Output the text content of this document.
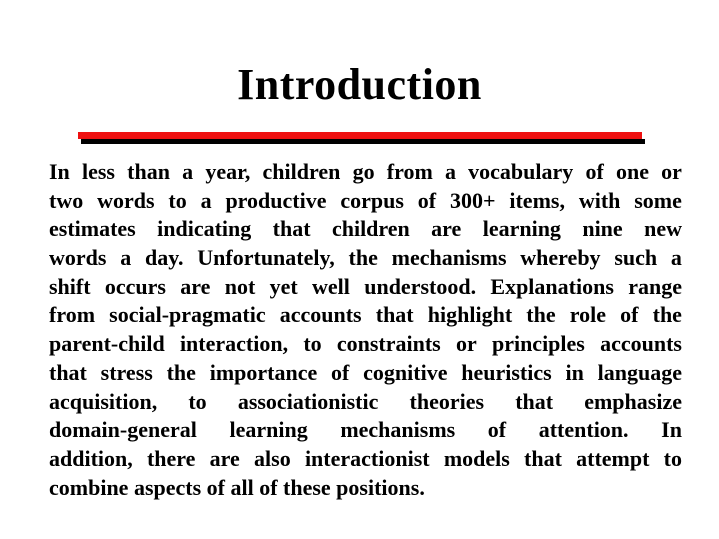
Introduction
In less than a year, children go from a vocabulary of one or
two words to a productive corpus of 300+ items, with some
estimates indicating that children are learning nine new
words a day. Unfortunately, the mechanisms whereby such a
shift occurs are not yet well understood. Explanations range
from social-pragmatic accounts that highlight the role of the
parent-child interaction, to constraints or principles accounts
that stress the importance of cognitive heuristics in language
acquisition, to associationistic theories that emphasize
domain-general learning mechanisms of attention. In
addition, there are also interactionist models that attempt to
combine aspects of all of these positions.
